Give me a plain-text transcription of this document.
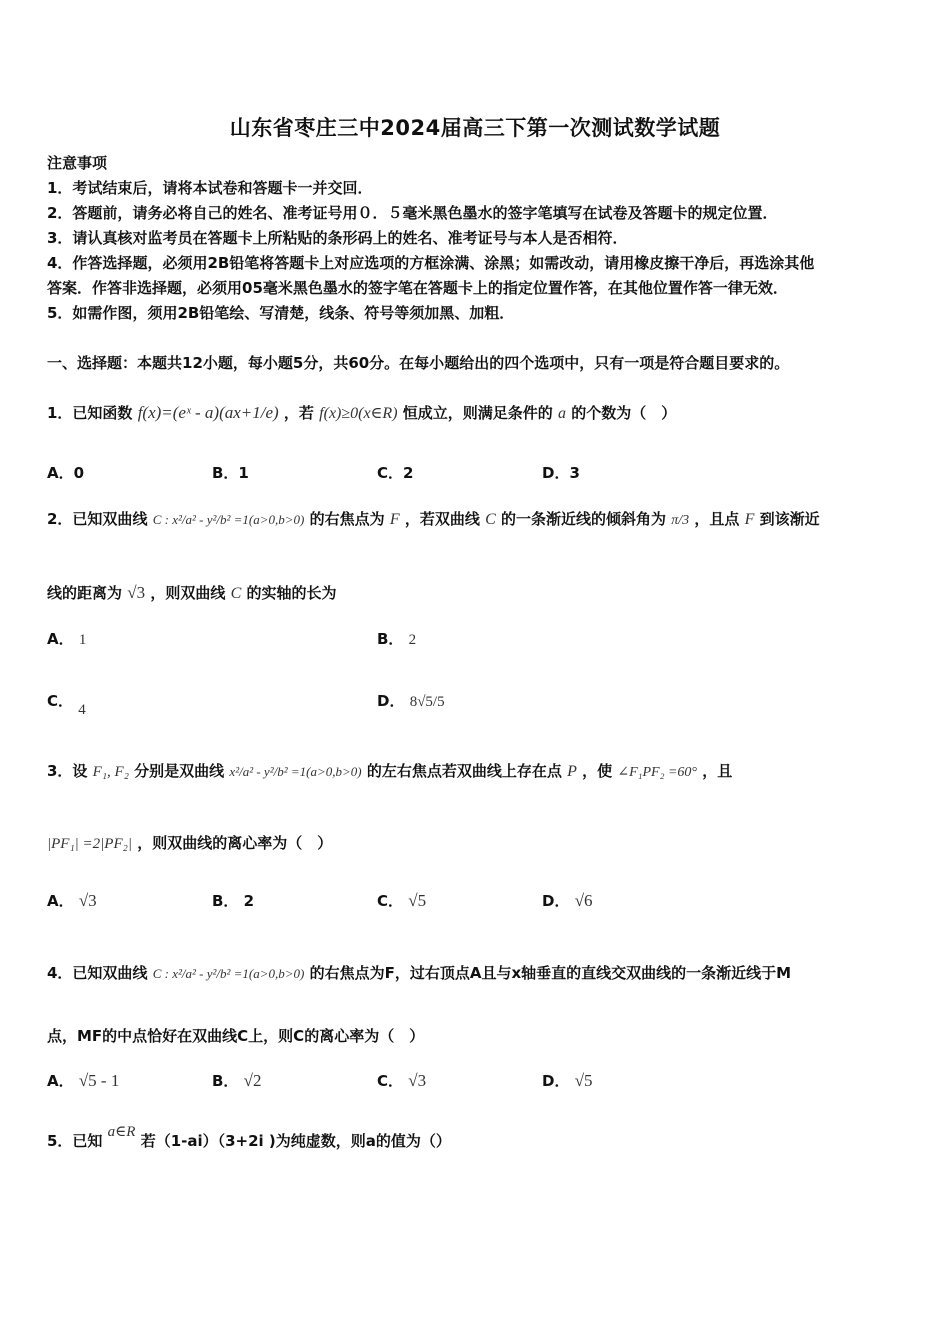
山东省枣庄三中2024届高三下第一次测试数学试题
注意事项
1．考试结束后，请将本试卷和答题卡一并交回．
2．答题前，请务必将自己的姓名、准考证号用０．５毫米黑色墨水的签字笔填写在试卷及答题卡的规定位置．
3．请认真核对监考员在答题卡上所粘贴的条形码上的姓名、准考证号与本人是否相符．
4．作答选择题，必须用2B铅笔将答题卡上对应选项的方框涂满、涂黑；如需改动，请用橡皮擦干净后，再选涂其他
答案．作答非选择题，必须用05毫米黑色墨水的签字笔在答题卡上的指定位置作答，在其他位置作答一律无效．
5．如需作图，须用2B铅笔绘、写清楚，线条、符号等须加黑、加粗．
一、选择题：本题共12小题，每小题5分，共60分。在每小题给出的四个选项中，只有一项是符合题目要求的。
1．已知函数 f(x)=(eˣ - a)(ax+1/e) ，若 f(x)≥0(x∈R) 恒成立，则满足条件的 a 的个数为（　）
A．0	B．1	C．2	D．3
2．已知双曲线 C : x²/a² - y²/b² =1(a>0,b>0) 的右焦点为 F ，若双曲线 C 的一条渐近线的倾斜角为 π/3 ，且点 F 到该渐近
线的距离为 √3 ，则双曲线 C 的实轴的长为
A． 1	B． 2
C． 4	D． 8√5/5
3．设 F₁, F₂ 分别是双曲线 x²/a² - y²/b² =1(a>0,b>0) 的左右焦点若双曲线上存在点 P ，使 ∠F₁PF₂ =60° ，且
|PF₁| =2|PF₂| ，则双曲线的离心率为（　）
A． √3	B． 2	C． √5	D． √6
4．已知双曲线 C : x²/a² - y²/b² =1(a>0,b>0) 的右焦点为F，过右顶点A且与x轴垂直的直线交双曲线的一条渐近线于M
点，MF的中点恰好在双曲线C上，则C的离心率为（　）
A． √5 - 1	B． √2	C． √3	D． √5
5．已知 a∈R 若（1-ai）（3+2i )为纯虚数，则a的值为（）
